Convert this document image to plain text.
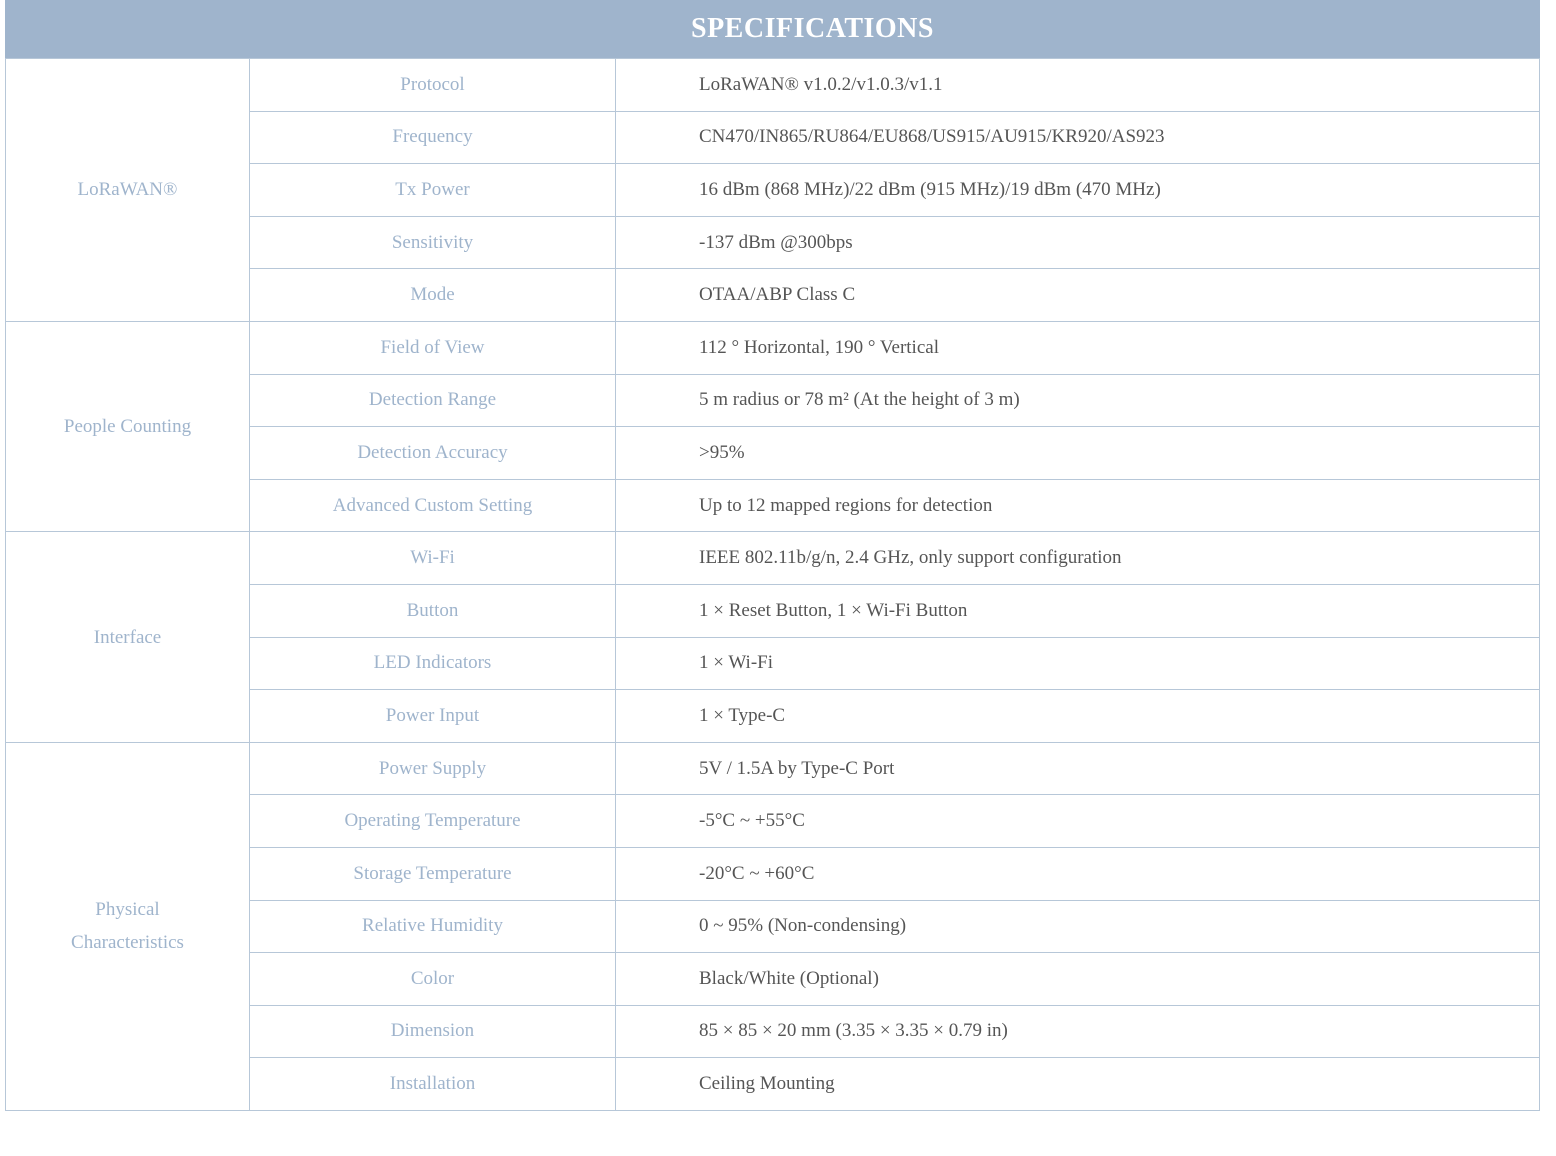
SPECIFICATIONS
LoRaWAN®	Protocol	LoRaWAN® v1.0.2/v1.0.3/v1.1
	Frequency	CN470/IN865/RU864/EU868/US915/AU915/KR920/AS923
	Tx Power	16 dBm (868 MHz)/22 dBm (915 MHz)/19 dBm (470 MHz)
	Sensitivity	-137 dBm @300bps
	Mode	OTAA/ABP Class C
People Counting	Field of View	112 ° Horizontal, 190 ° Vertical
	Detection Range	5 m radius or 78 m² (At the height of 3 m)
	Detection Accuracy	>95%
	Advanced Custom Setting	Up to 12 mapped regions for detection
Interface	Wi-Fi	IEEE 802.11b/g/n, 2.4 GHz, only support configuration
	Button	1 × Reset Button, 1 × Wi-Fi Button
	LED Indicators	1 × Wi-Fi
	Power Input	1 × Type-C
Physical
Characteristics	Power Supply	5V / 1.5A by Type-C Port
	Operating Temperature	-5°C ~ +55°C
	Storage Temperature	-20°C ~ +60°C
	Relative Humidity	0 ~ 95% (Non-condensing)
	Color	Black/White (Optional)
	Dimension	85 × 85 × 20 mm (3.35 × 3.35 × 0.79 in)
	Installation	Ceiling Mounting
